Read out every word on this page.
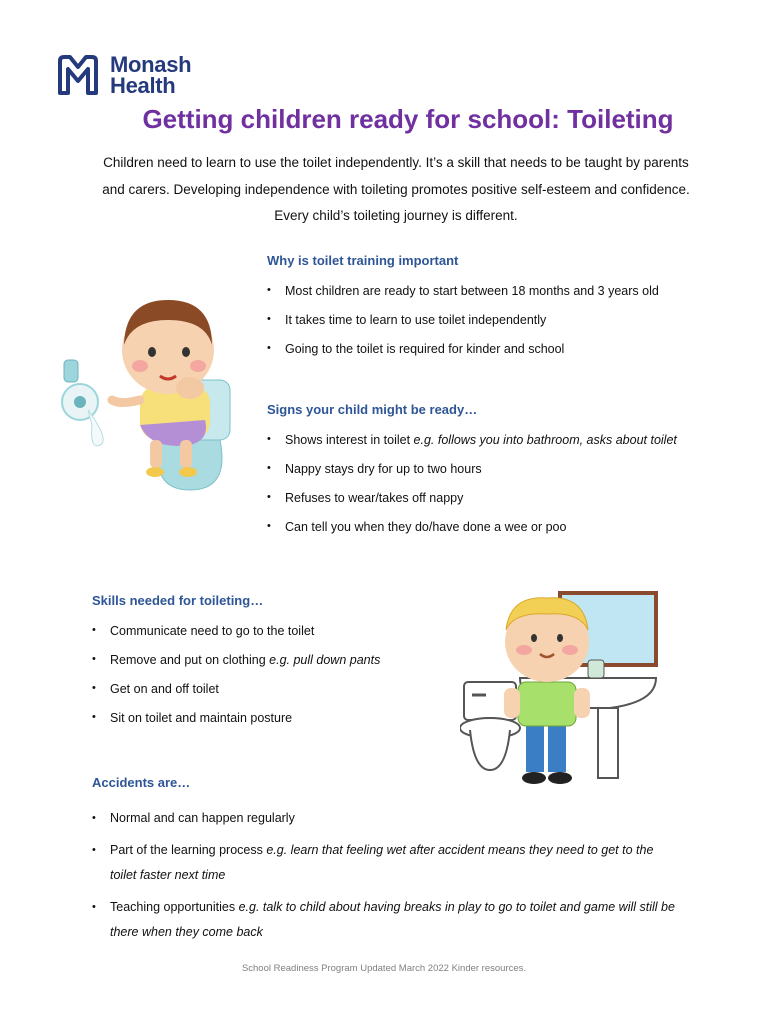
Monash
Health
Getting children ready for school: Toileting

Children need to learn to use the toilet independently. It’s a skill that needs to be taught by parents and carers. Developing independence with toileting promotes positive self-esteem and confidence. Every child’s toileting journey is different.

Why is toilet training important
• Most children are ready to start between 18 months and 3 years old
• It takes time to learn to use toilet independently
• Going to the toilet is required for kinder and school
Signs your child might be ready…
• Shows interest in toilet e.g. follows you into bathroom, asks about toilet
• Nappy stays dry for up to two hours
• Refuses to wear/takes off nappy
• Can tell you when they do/have done a wee or poo
Skills needed for toileting…
• Communicate need to go to the toilet
• Remove and put on clothing e.g. pull down pants
• Get on and off toilet
• Sit on toilet and maintain posture
Accidents are…
• Normal and can happen regularly
• Part of the learning process e.g. learn that feeling wet after accident means they need to get to the toilet faster next time
• Teaching opportunities e.g. talk to child about having breaks in play to go to toilet and game will still be there when they come back
School Readiness Program Updated March 2022 Kinder resources.
